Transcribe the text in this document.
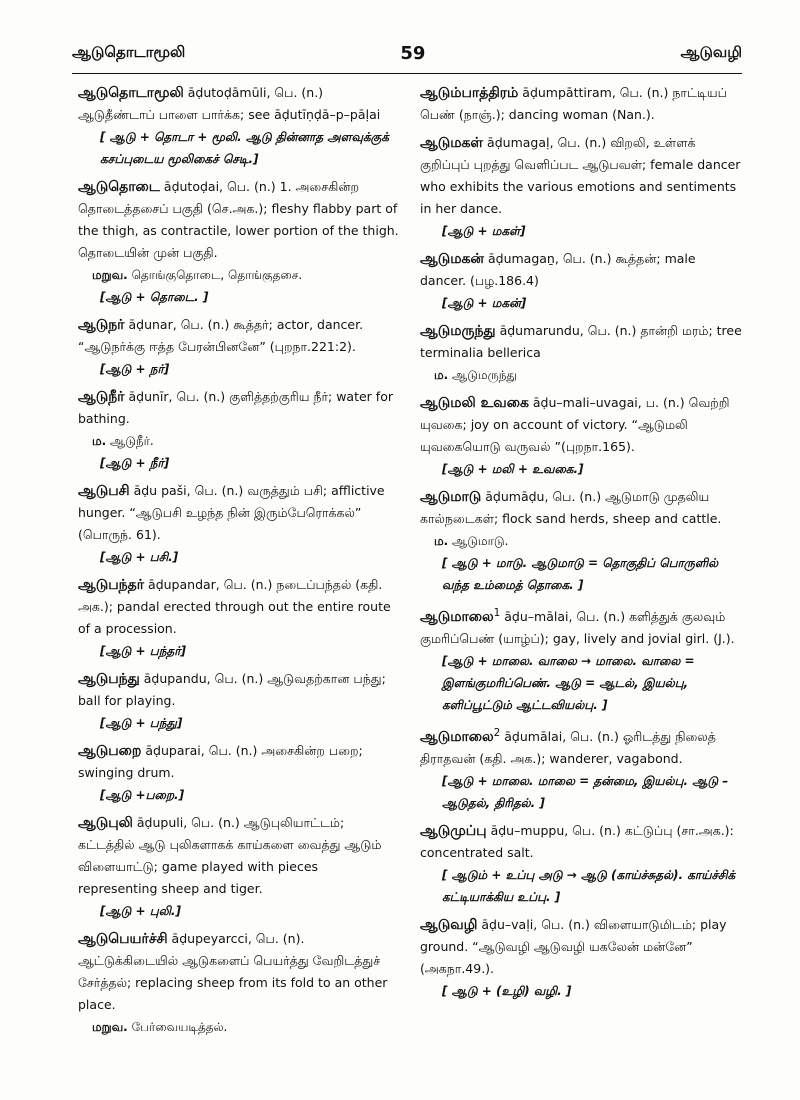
ஆடுதொடாமூலி	59	ஆடுவழி
ஆடுதொடாமூலி āḍutoḍāmūli, பெ. (n.) ஆடுதீண்டாப் பாளை பார்க்க; see āḍutīṇḍā–p–pāḷai
[ ஆடு + தொடா + மூலி. ஆடு தின்னாத அளவுக்குக் கசப்புடைய மூலிகைச் செடி.]
ஆடுதொடை āḍutoḍai, பெ. (n.) 1. அசைகின்ற தொடைத்தசைப் பகுதி (செ.அக.); fleshy flabby part of the thigh, as contractile, lower portion of the thigh. தொடையின் முன் பகுதி.
மறுவ. தொங்குதொடை, தொங்குதசை.
[ஆடு + தொடை. ]
ஆடுநர் āḍunar, பெ. (n.) கூத்தர்; actor, dancer. “ஆடுநர்க்கு ஈத்த பேரன்பினனே” (புறநா.221:2).
[ஆடு + நர்]
ஆடுநீர் āḍunīr, பெ. (n.) குளித்தற்குரிய நீர்; water for bathing.
ம. ஆடுநீர்.
[ஆடு + நீர்]
ஆடுபசி āḍu paši, பெ. (n.) வருத்தும் பசி; afflictive hunger. “ஆடுபசி உழந்த நின் இரும்பேரொக்கல்” (பொருந். 61).
[ஆடு + பசி.]
ஆடுபந்தர் āḍupandar, பெ. (n.) நடைப்பந்தல் (கதி. அக.); pandal erected through out the entire route of a procession.
[ஆடு + பந்தர்]
ஆடுபந்து āḍupandu, பெ. (n.) ஆடுவதற்கான பந்து; ball for playing.
[ஆடு + பந்து]
ஆடுபறை āḍuparai, பெ. (n.) அசைகின்ற பறை; swinging drum.
[ஆடு +பறை.]
ஆடுபுலி āḍupuli, பெ. (n.) ஆடுபுலியாட்டம்; கட்டத்தில் ஆடு புலிகளாகக் காய்களை வைத்து ஆடும் விளையாட்டு; game played with pieces representing sheep and tiger.
[ஆடு + புலி.]
ஆடுபெயர்ச்சி āḍupeyarcci, பெ. (n). ஆட்டுக்கிடையில் ஆடுகளைப் பெயர்த்து வேறிடத்துச் சேர்த்தல்; replacing sheep from its fold to an other place.
மறுவ. பேர்வையடித்தல்.
ஆடும்பாத்திரம் āḍumpāttiram, பெ. (n.) நாட்டியப் பெண் (நாஞ்.); dancing woman (Nan.).
ஆடுமகள் āḍumagaḷ, பெ. (n.) விறலி, உள்ளக் குறிப்புப் புறத்து வெளிப்பட ஆடுபவள்; female dancer who exhibits the various emotions and sentiments in her dance.
[ஆடு + மகள்]
ஆடுமகன் āḍumagaṉ, பெ. (n.) கூத்தன்; male dancer. (பழ.186.4)
[ஆடு + மகன்]
ஆடுமருந்து āḍumarundu, பெ. (n.) தான்றி மரம்; tree terminalia bellerica
ம. ஆடுமருந்து
ஆடுமலி உவகை āḍu–mali–uvagai, ப. (n.) வெற்றி யுவகை; joy on account of victory. “ஆடுமலி யுவகையொடு வருவல் ”(புறநா.165).
[ஆடு + மலி + உவகை.]
ஆடுமாடு āḍumāḍu, பெ. (n.) ஆடுமாடு முதலிய கால்நடைகள்; flock sand herds, sheep and cattle.
ம. ஆடுமாடு.
[ ஆடு + மாடு. ஆடுமாடு = தொகுதிப் பொருளில் வந்த உம்மைத் தொகை. ]
ஆடுமாலை$^1$ āḍu–mālai, பெ. (n.) களித்துக் குலவும் குமரிப்பெண் (யாழ்ப்); gay, lively and jovial girl. (J.).
[ஆடு + மாலை. வாலை → மாலை. வாலை = இளங்குமரிப்பெண். ஆடு = ஆடல், இயல்பு, களிப்பூட்டும் ஆட்டவியல்பு. ]
ஆடுமாலை$^2$ āḍumālai, பெ. (n.) ஓரிடத்து நிலைத் திராதவன் (கதி. அக.); wanderer, vagabond.
[ஆடு + மாலை. மாலை = தன்மை, இயல்பு. ஆடு – ஆடுதல், திரிதல். ]
ஆடுமுப்பு āḍu–muppu, பெ. (n.) கட்டுப்பு (சா.அக.): concentrated salt.
[ ஆடும் + உப்பு அடு → ஆடு (காய்ச்சுதல்). காய்ச்சிக் கட்டியாக்கிய உப்பு. ]
ஆடுவழி āḍu–vaḷi, பெ. (n.) விளையாடுமிடம்; play ground. “ஆடுவழி ஆடுவழி யகலேன் மன்னே” (அகநா.49.).
[ ஆடு + (உழி) வழி. ]
